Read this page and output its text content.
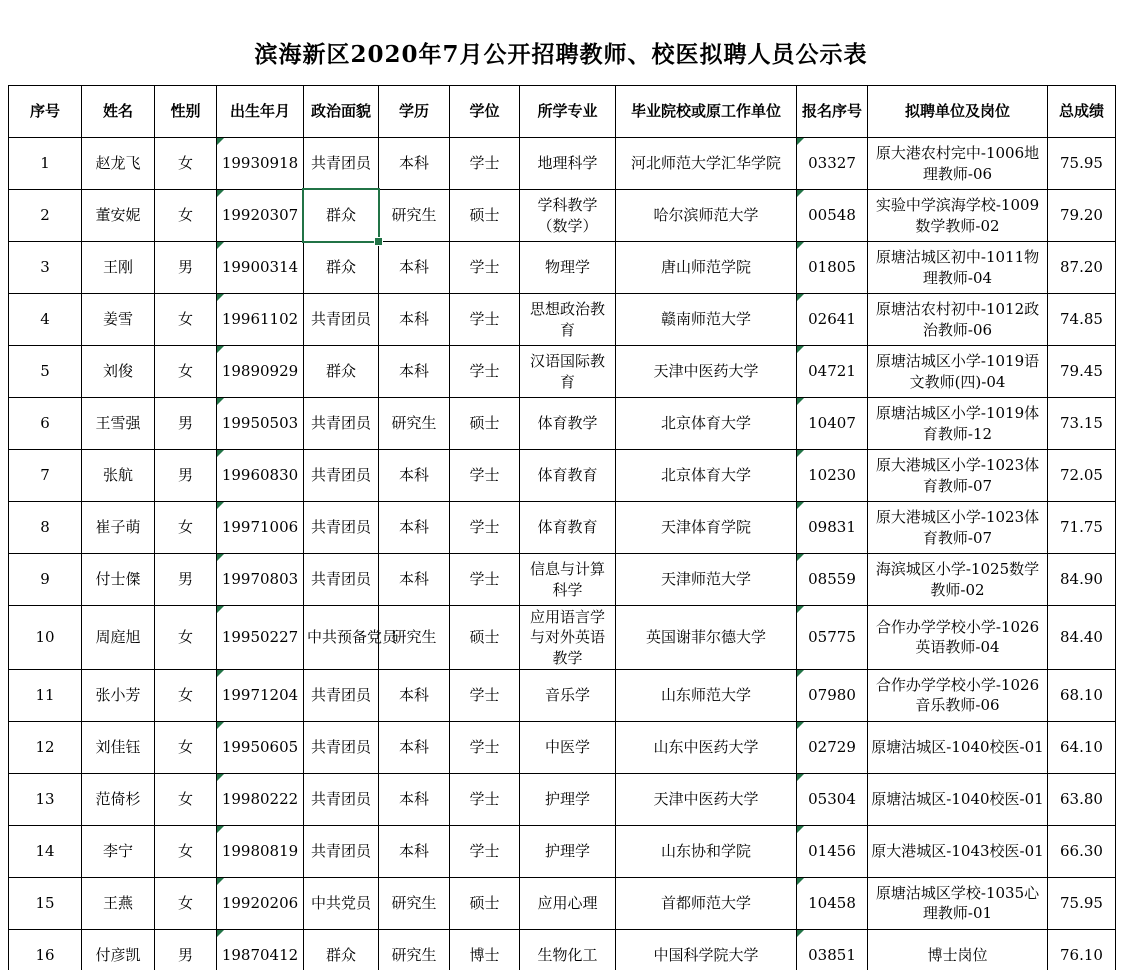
滨海新区2020年7月公开招聘教师、校医拟聘人员公示表
序号	姓名	性别	出生年月	政治面貌	学历	学位	所学专业	毕业院校或原工作单位	报名序号	拟聘单位及岗位	总成绩
1	赵龙飞	女	19930918	共青团员	本科	学士	地理科学	河北师范大学汇华学院	03327	原大港农村完中-1006地理教师-06	75.95
2	董安妮	女	19920307	群众	研究生	硕士	学科教学（数学）	哈尔滨师范大学	00548	实验中学滨海学校-1009数学教师-02	79.20
3	王刚	男	19900314	群众	本科	学士	物理学	唐山师范学院	01805	原塘沽城区初中-1011物理教师-04	87.20
4	姜雪	女	19961102	共青团员	本科	学士	思想政治教育	赣南师范大学	02641	原塘沽农村初中-1012政治教师-06	74.85
5	刘俊	女	19890929	群众	本科	学士	汉语国际教育	天津中医药大学	04721	原塘沽城区小学-1019语文教师(四)-04	79.45
6	王雪强	男	19950503	共青团员	研究生	硕士	体育教学	北京体育大学	10407	原塘沽城区小学-1019体育教师-12	73.15
7	张航	男	19960830	共青团员	本科	学士	体育教育	北京体育大学	10230	原大港城区小学-1023体育教师-07	72.05
8	崔子萌	女	19971006	共青团员	本科	学士	体育教育	天津体育学院	09831	原大港城区小学-1023体育教师-07	71.75
9	付士傑	男	19970803	共青团员	本科	学士	信息与计算科学	天津师范大学	08559	海滨城区小学-1025数学教师-02	84.90
10	周庭旭	女	19950227	中共预备党员	研究生	硕士	应用语言学与对外英语教学	英国谢菲尔德大学	05775	合作办学学校小学-1026英语教师-04	84.40
11	张小芳	女	19971204	共青团员	本科	学士	音乐学	山东师范大学	07980	合作办学学校小学-1026音乐教师-06	68.10
12	刘佳钰	女	19950605	共青团员	本科	学士	中医学	山东中医药大学	02729	原塘沽城区-1040校医-01	64.10
13	范倚杉	女	19980222	共青团员	本科	学士	护理学	天津中医药大学	05304	原塘沽城区-1040校医-01	63.80
14	李宁	女	19980819	共青团员	本科	学士	护理学	山东协和学院	01456	原大港城区-1043校医-01	66.30
15	王燕	女	19920206	中共党员	研究生	硕士	应用心理	首都师范大学	10458	原塘沽城区学校-1035心理教师-01	75.95
16	付彦凯	男	19870412	群众	研究生	博士	生物化工	中国科学院大学	03851	博士岗位	76.10
